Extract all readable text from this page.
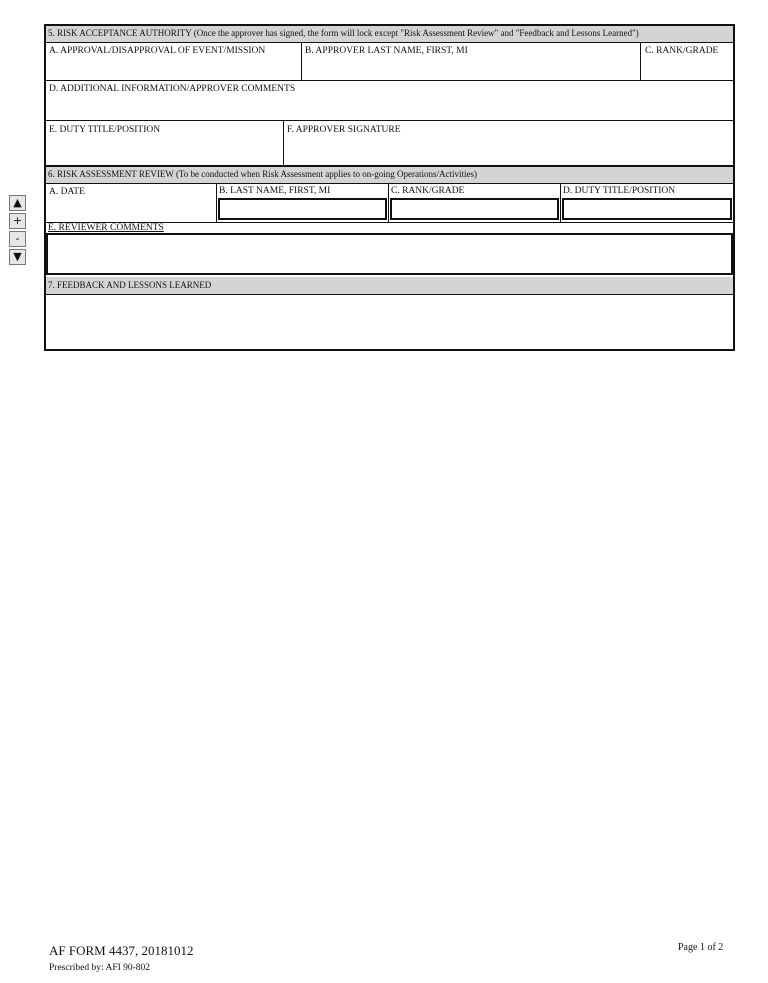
▲
+
-
▼
5. RISK ACCEPTANCE AUTHORITY (Once the approver has signed, the form will lock except "Risk Assessment Review" and "Feedback and Lessons Learned")
A. APPROVAL/DISAPPROVAL OF EVENT/MISSION	B. APPROVER LAST NAME, FIRST, MI	C. RANK/GRADE
D. ADDITIONAL INFORMATION/APPROVER COMMENTS
E. DUTY TITLE/POSITION	F. APPROVER SIGNATURE
6. RISK ASSESSMENT REVIEW (To be conducted when Risk Assessment applies to on-going Operations/Activities)
A. DATE	B. LAST NAME, FIRST, MI	C. RANK/GRADE	D. DUTY TITLE/POSITION
E. REVIEWER COMMENTS
7. FEEDBACK AND LESSONS LEARNED
AF FORM 4437, 20181012
Prescribed by: AFI 90-802
Page 1 of 2
